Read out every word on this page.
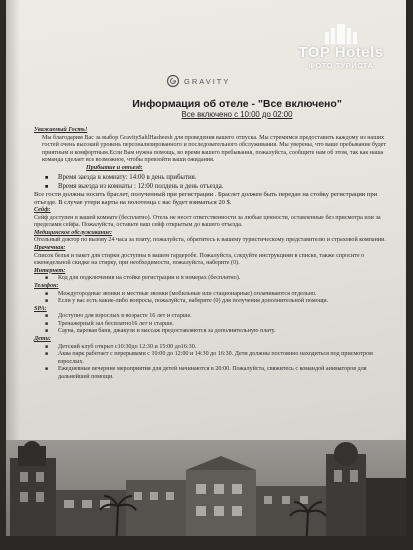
TOP Hotels
ФОТО ТУРИСТА
GRAVITY
Информация об отеле - "Все включено"
Все включено с 10:00 до 02:00

Уважаемый Гость!

Мы благодарим Вас за выбор GravitySahlHasheesh для проведения вашего отпуска. Мы стремимся предоставить каждому из наших гостей очень высокий уровень персонализированного и последовательного обслуживания. Мы уверены, что ваше пребывание будет приятным и комфортным.Если Вам нужна помощь, во время вашего пребывания, пожалуйста, сообщите нам об этом, так как наша команда сделает все возможное, чтобы превзойти ваши ожидания.

Прибытие и отъезд:

■ Время заезда в комнату: 14:00 в день прибытия.

■ Время выезда из комнаты : 12:00 полдень в день отъезда.

Все гости должны носить браслет, полученный при регистрации . Браслет должен быть передан на стойку регистрации при отъезде. В случае утери карты на полотенца с вас будет взиматься 20 $.

Сейф:

Сейф доступен в вашей комнате (бесплатно). Отель не несет ответственности за любые ценности, оставленные без присмотра или за пределами сейфа. Пожалуйста, оставьте ваш сейф открытым до вашего отъезда.

Медицинское обслуживание:

Отельный доктор по вызову 24 часа за плату; пожалуйста, обратитесь к вашему туристическому представителю и страховой компании.

Прачечная:

Список белья и пакет для стирки доступны в вашем гардеробе. Пожалуйста, следуйте инструкциям в списке, также спросите о еженедельной скидке на стирку, при необходимости, пожалуйста, наберите (0).

Интернет:

■ Код для подключения на стойке регистрации и в номерах (бесплатно).

Телефон:

■ Междугородные звонки и местные звонки (мобильные или стационарные) оплачиваются отдельно.

■ Если у вас есть какие-либо вопросы, пожалуйста, наберите (0) для получения дополнительной помощи.

SPA:

■ Доступно для взрослых в возрасте 16 лет и старше.

■ Тренажерный зал бесплатно16 лет и старше.

■ Сауна, паровая баня, джакузи и массаж предоставляются за дополнительную плату.

Дети:

■ Детский клуб открыт с10:30до 12:30 и 15:00 до16:30.

■ Аква парк работает с перерывами с 10:00 до 12:00 и 14:30 до 16:30. Дети должны постоянно находиться под присмотром взрослых.

■ Ежедневные вечерние мероприятия для детей начинаются в 20:00. Пожалуйста, свяжитесь с командой аниматоров для дальнейшей помощи.
